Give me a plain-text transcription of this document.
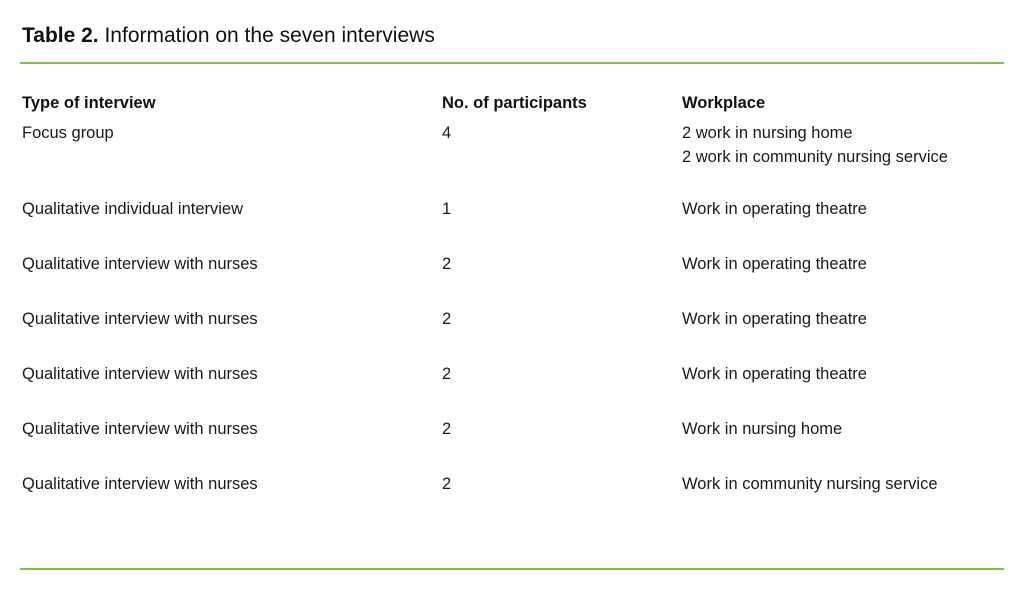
Table 2. Information on the seven interviews
Type of interview	No. of participants	Workplace
Focus group	4	2 work in nursing home
2 work in community nursing service

Qualitative individual interview	1	Work in operating theatre
Qualitative interview with nurses	2	Work in operating theatre
Qualitative interview with nurses	2	Work in operating theatre
Qualitative interview with nurses	2	Work in operating theatre
Qualitative interview with nurses	2	Work in nursing home
Qualitative interview with nurses	2	Work in community nursing service
